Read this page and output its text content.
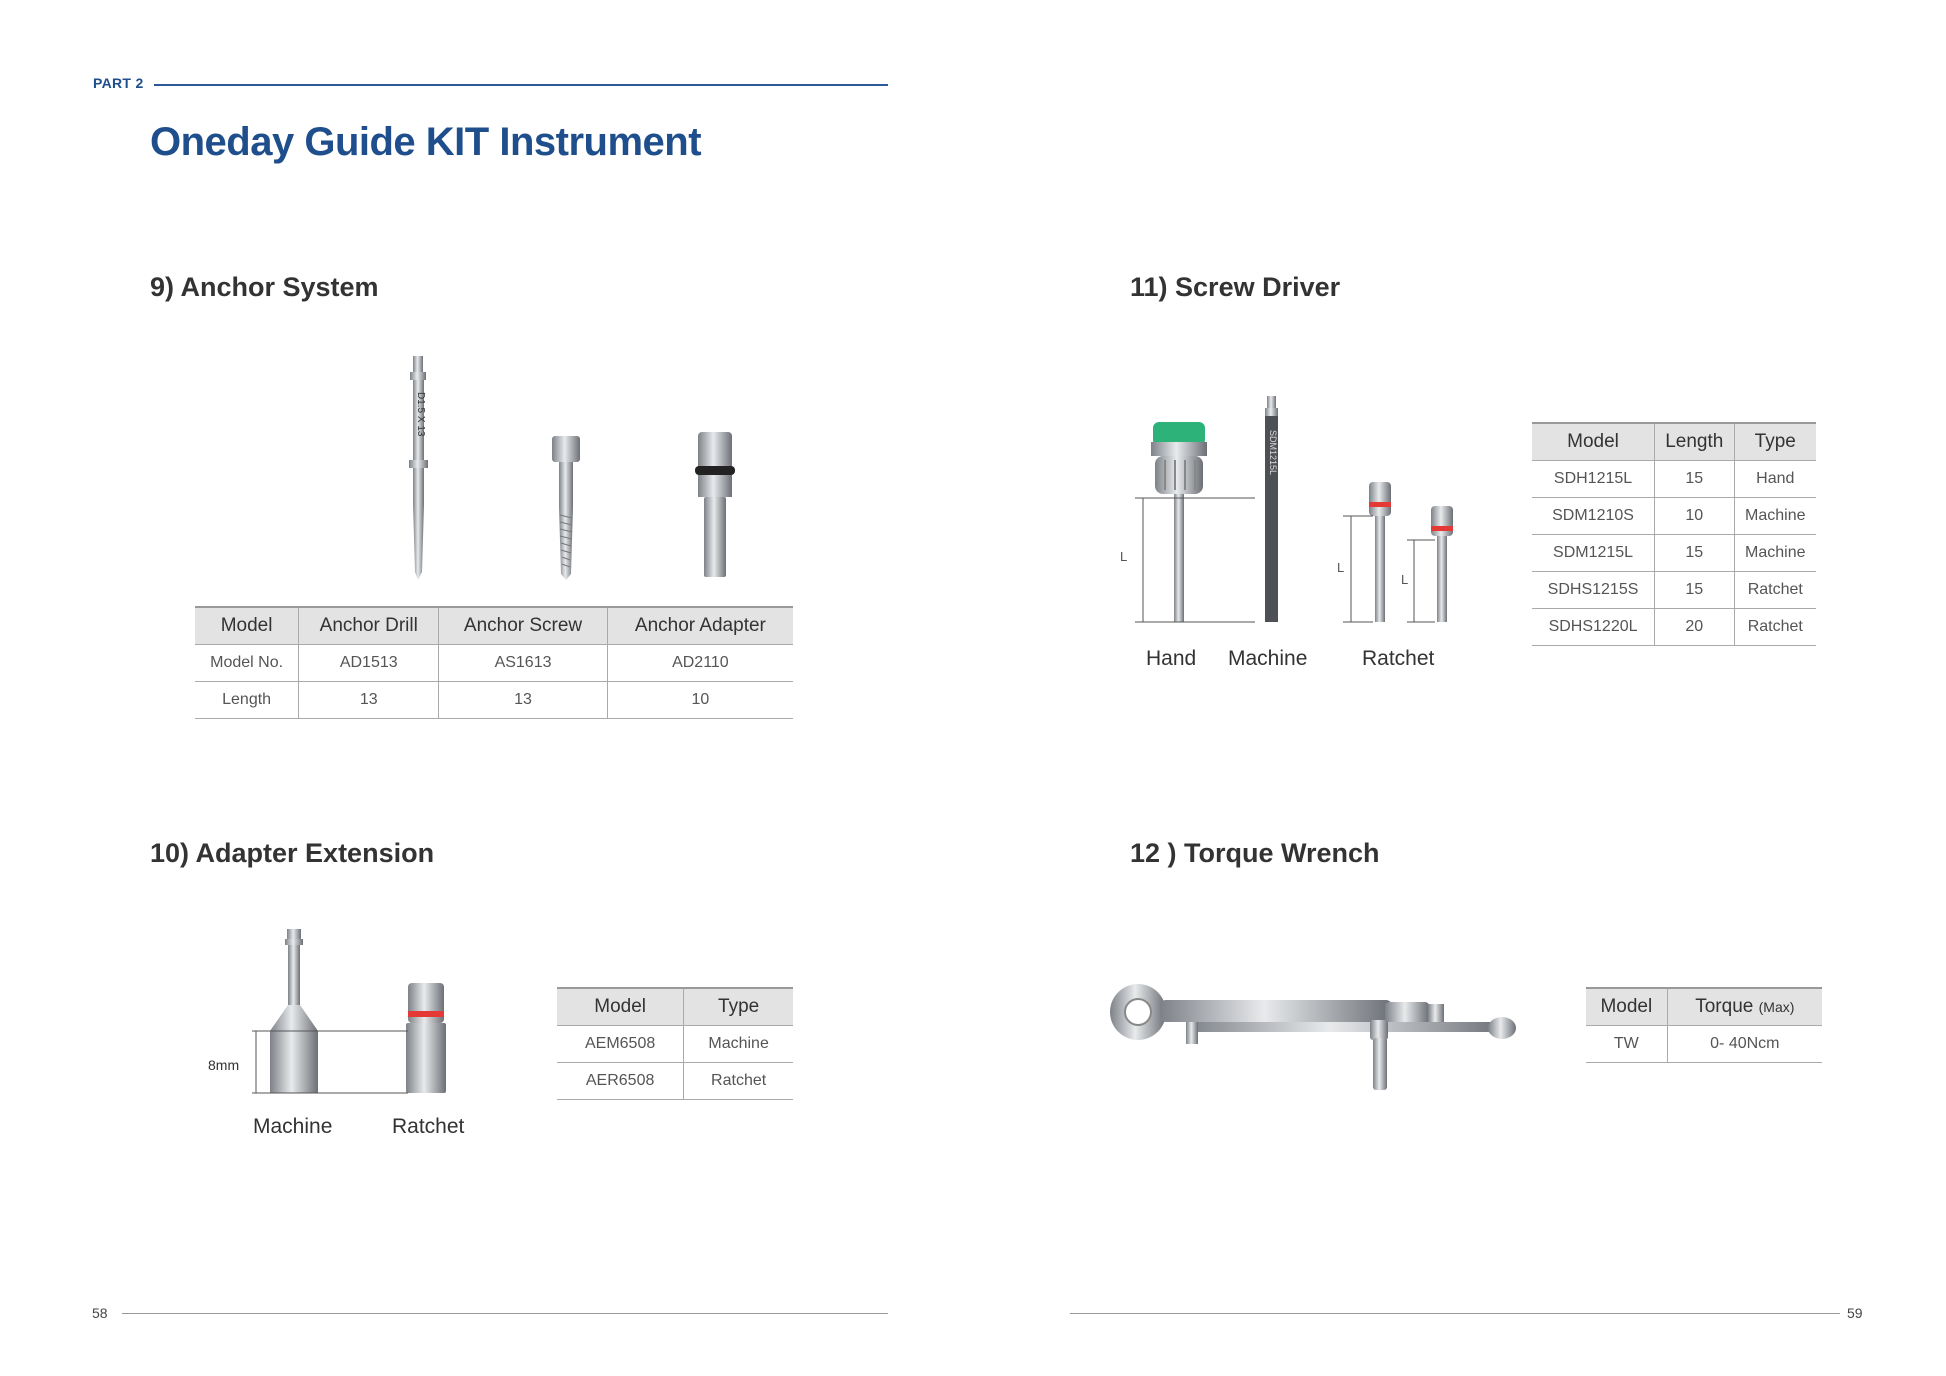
PART 2
Oneday Guide KIT Instrument
9) Anchor System
D1.5 X 13
Model	Anchor Drill	Anchor Screw	Anchor Adapter
Model No.	AD1513	AS1613	AD2110
Length	13	13	10
11) Screw Driver
L
SDM1215L
L
L
Hand Machine	Ratchet
Model	Length	Type
SDH1215L	15	Hand
SDM1210S	10	Machine
SDM1215L	15	Machine
SDHS1215S	15	Ratchet
SDHS1220L	20	Ratchet
10) Adapter Extension
8mm
Machine	Ratchet
Model	Type
AEM6508	Machine
AER6508	Ratchet
12 ) Torque Wrench
Model	Torque (Max)
TW	0- 40Ncm
58	59
